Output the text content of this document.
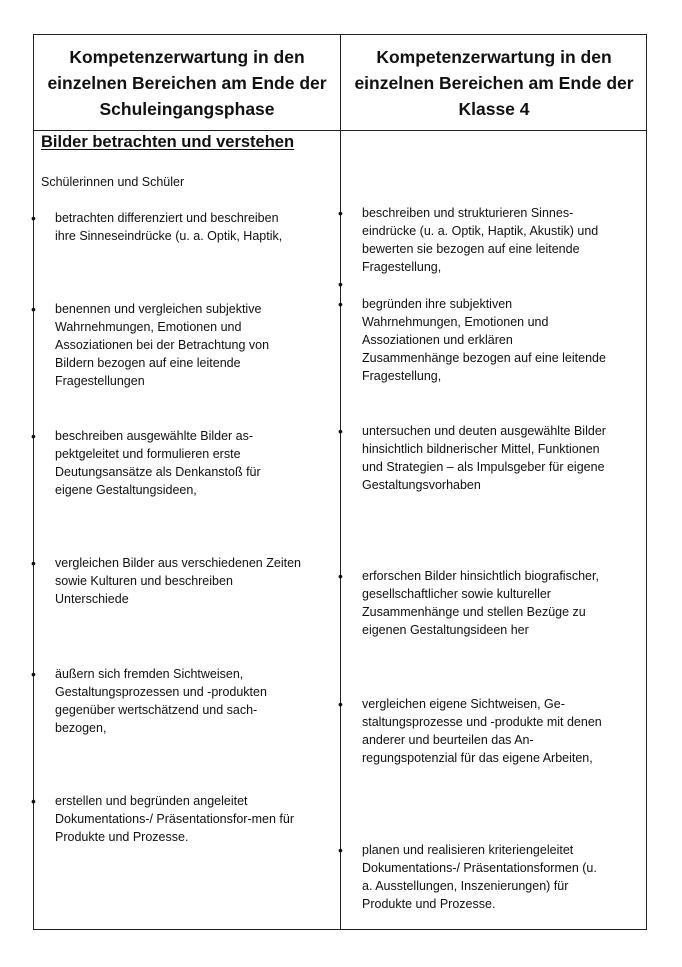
Kompetenzerwartung in den einzelnen Bereichen am Ende der Schuleingangsphase
Kompetenzerwartung in den einzelnen Bereichen am Ende der Klasse 4

Bilder betrachten und verstehen

Schülerinnen und Schüler

• betrachten differenziert und beschreiben ihre Sinneseindrücke (u. a. Optik, Haptik,

• benennen und vergleichen subjektive Wahrnehmungen, Emotionen und Assoziationen bei der Betrachtung von Bildern bezogen auf eine leitende Fragestellungen

• beschreiben ausgewählte Bilder as-pektgeleitet und formulieren erste Deutungsansätze als Denkanstoß für eigene Gestaltungsideen,

• vergleichen Bilder aus verschiedenen Zeiten sowie Kulturen und beschreiben Unterschiede

• äußern sich fremden Sichtweisen, Gestaltungsprozessen und -produkten gegenüber wertschätzend und sach-bezogen,

• erstellen und begründen angeleitet Dokumentations-/ Präsentationsfor-men für Produkte und Prozesse.

• beschreiben und strukturieren Sinnes-eindrücke (u. a. Optik, Haptik, Akustik) und bewerten sie bezogen auf eine leitende Fragestellung,

•

• begründen ihre subjektiven Wahrnehmungen, Emotionen und Assoziationen und erklären Zusammenhänge bezogen auf eine leitende Fragestellung,

• untersuchen und deuten ausgewählte Bilder hinsichtlich bildnerischer Mittel, Funktionen und Strategien – als Impulsgeber für eigene Gestaltungsvorhaben

• erforschen Bilder hinsichtlich biografischer, gesellschaftlicher sowie kultureller Zusammenhänge und stellen Bezüge zu eigenen Gestaltungsideen her

• vergleichen eigene Sichtweisen, Ge-staltungsprozesse und -produkte mit denen anderer und beurteilen das An-regungspotenzial für das eigene Arbeiten,

• planen und realisieren kriteriengeleitet Dokumentations-/ Präsentationsformen (u. a. Ausstellungen, Inszenierungen) für Produkte und Prozesse.
